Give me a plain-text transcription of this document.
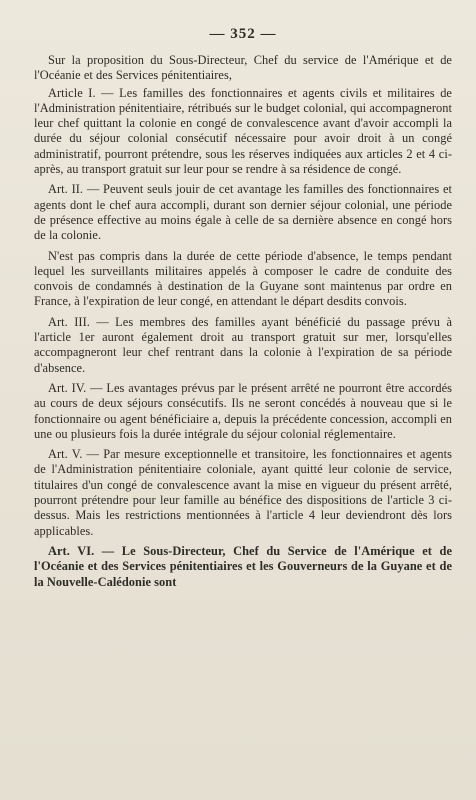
— 352 —

Sur la proposition du Sous-Directeur, Chef du service de l'Amérique et de l'Océanie et des Services pénitentiaires,

Article I. — Les familles des fonctionnaires et agents civils et militaires de l'Administration pénitentiaire, rétribués sur le budget colonial, qui accompagneront leur chef quittant la colonie en congé de convalescence avant d'avoir accompli la durée du séjour colonial consécutif nécessaire pour avoir droit à un congé administratif, pourront prétendre, sous les réserves indiquées aux articles 2 et 4 ci-après, au transport gratuit sur leur pour se rendre à sa résidence de congé.

Art. II. — Peuvent seuls jouir de cet avantage les familles des fonctionnaires et agents dont le chef aura accompli, durant son dernier séjour colonial, une période de présence effective au moins égale à celle de sa dernière absence en congé hors de la colonie.

N'est pas compris dans la durée de cette période d'absence, le temps pendant lequel les surveillants militaires appelés à composer le cadre de conduite des convois de condamnés à destination de la Guyane sont maintenus par ordre en France, à l'expiration de leur congé, en attendant le départ desdits convois.

Art. III. — Les membres des familles ayant bénéficié du passage prévu à l'article 1er auront également droit au transport gratuit sur mer, lorsqu'elles accompagneront leur chef rentrant dans la colonie à l'expiration de sa période d'absence.

Art. IV. — Les avantages prévus par le présent arrêté ne pourront être accordés au cours de deux séjours consécutifs. Ils ne seront concédés à nouveau que si le fonctionnaire ou agent bénéficiaire a, depuis la précédente concession, accompli en une ou plusieurs fois la durée intégrale du séjour colonial réglementaire.

Art. V. — Par mesure exceptionnelle et transitoire, les fonctionnaires et agents de l'Administration pénitentiaire coloniale, ayant quitté leur colonie de service, titulaires d'un congé de convalescence avant la mise en vigueur du présent arrêté, pourront prétendre pour leur famille au bénéfice des dispositions de l'article 3 ci-dessus. Mais les restrictions mentionnées à l'article 4 leur deviendront dès lors applicables.

Art. VI. — Le Sous-Directeur, Chef du Service de l'Amérique et de l'Océanie et des Services pénitentiaires et les Gouverneurs de la Guyane et de la Nouvelle-Calédonie sont
